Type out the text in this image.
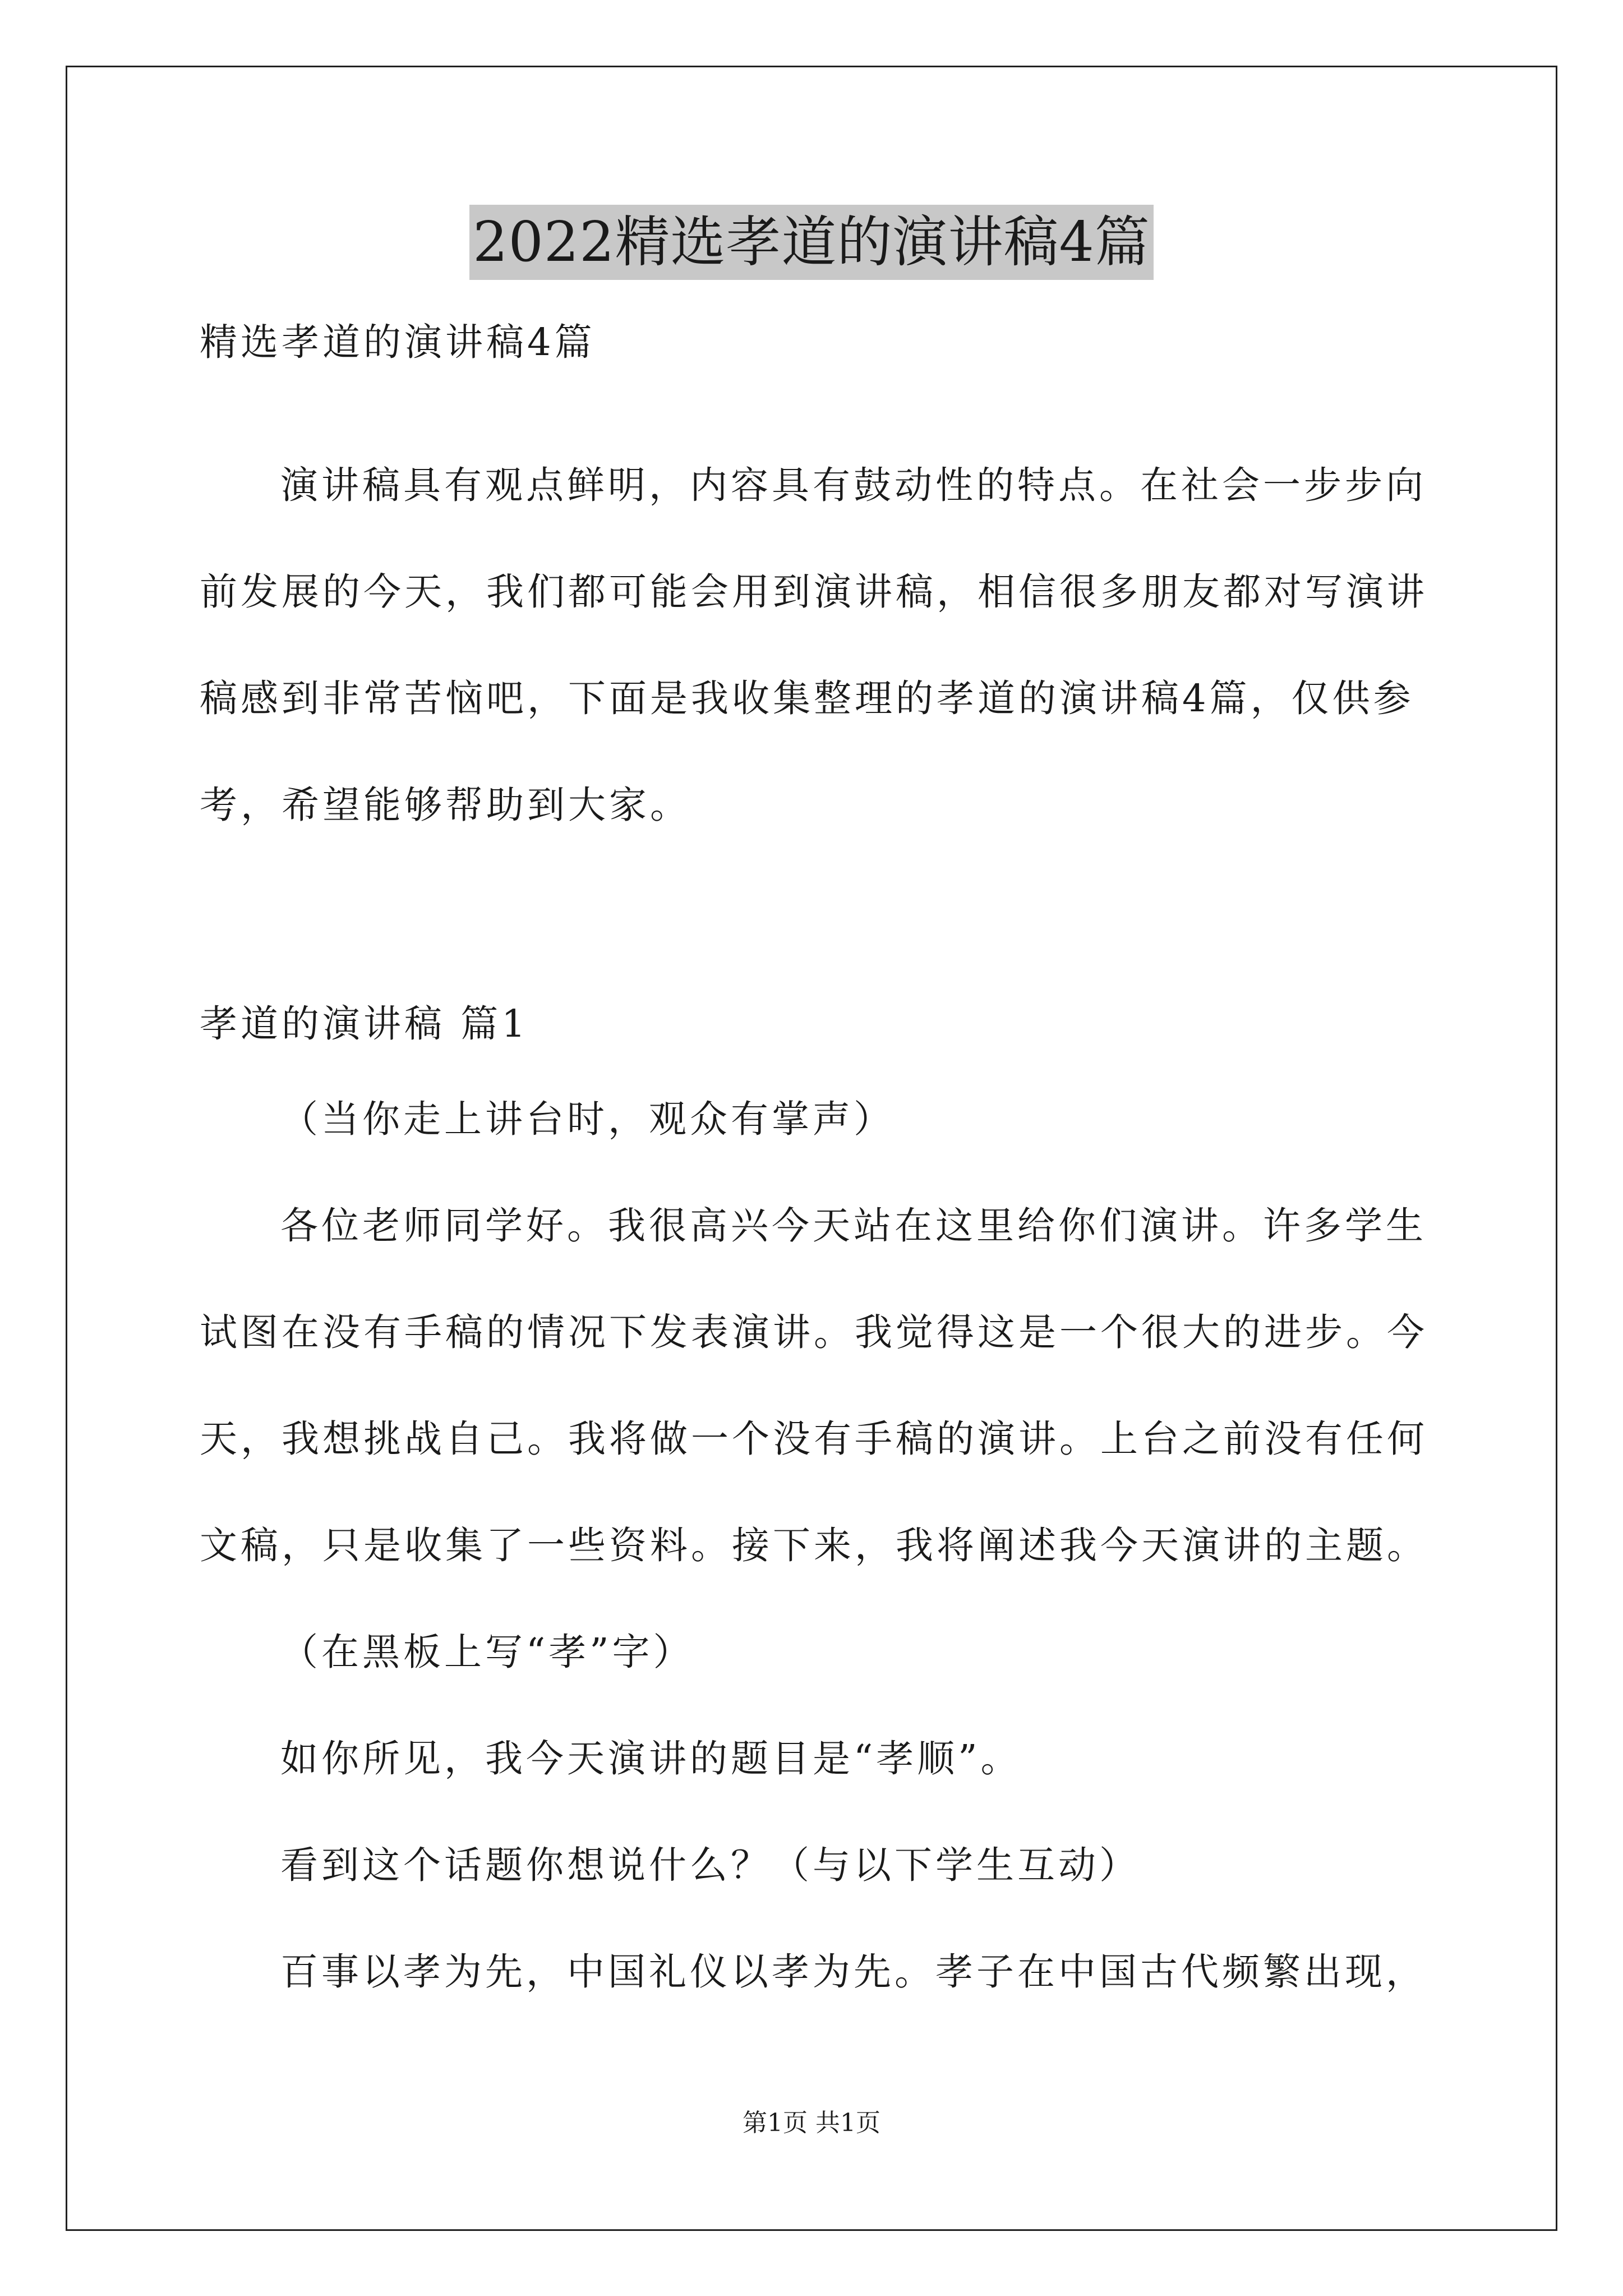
2022精选孝道的演讲稿4篇
精选孝道的演讲稿4篇
演讲稿具有观点鲜明，内容具有鼓动性的特点。在社会一步步向
前发展的今天，我们都可能会用到演讲稿，相信很多朋友都对写演讲
稿感到非常苦恼吧，下面是我收集整理的孝道的演讲稿4篇，仅供参
考，希望能够帮助到大家。
孝道的演讲稿 篇1
（当你走上讲台时，观众有掌声）
各位老师同学好。我很高兴今天站在这里给你们演讲。许多学生
试图在没有手稿的情况下发表演讲。我觉得这是一个很大的进步。今
天，我想挑战自己。我将做一个没有手稿的演讲。上台之前没有任何
文稿，只是收集了一些资料。接下来，我将阐述我今天演讲的主题。
（在黑板上写“孝”字）
如你所见，我今天演讲的题目是“孝顺”。
看到这个话题你想说什么？（与以下学生互动）
百事以孝为先，中国礼仪以孝为先。孝子在中国古代频繁出现，
第1页 共1页
